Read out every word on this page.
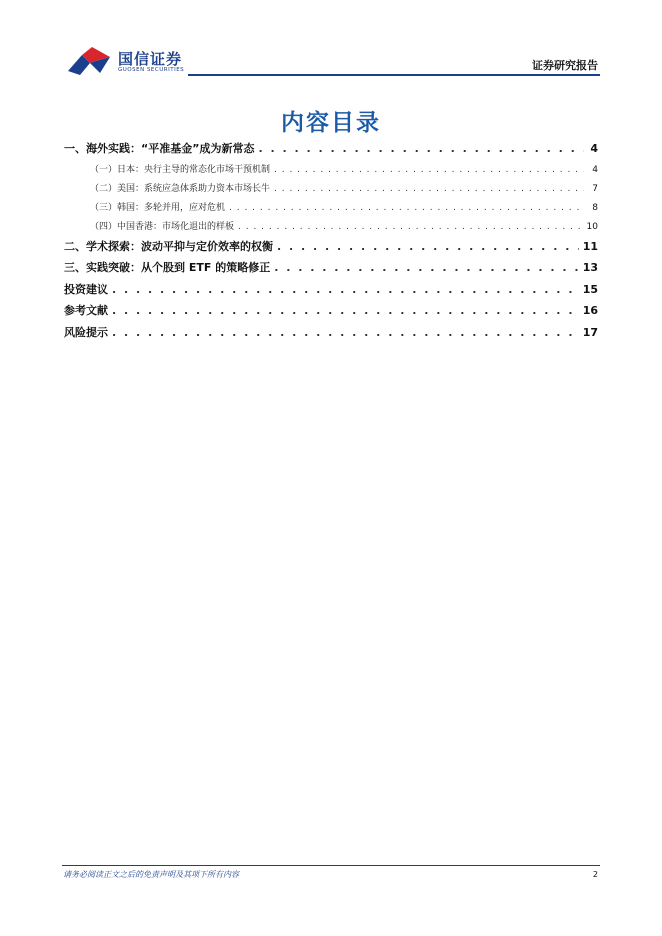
国信证券
GUOSEN SECURITIES	证券研究报告
内容目录
一、海外实践：“平准基金”成为新常态 . . .	4
（一）日本：央行主导的常态化市场干预机制 . . .	4
（二）美国：系统应急体系助力资本市场长牛 . . .	7
（三）韩国：多轮并用，应对危机 . . .	8
（四）中国香港：市场化退出的样板 . . .	10
二、学术探索：波动平抑与定价效率的权衡 . . .	11
三、实践突破：从个股到 ETF 的策略修正 . . .	13
投资建议 . . .	15
参考文献 . . .	16
风险提示 . . .	17
请务必阅读正文之后的免责声明及其项下所有内容	2
